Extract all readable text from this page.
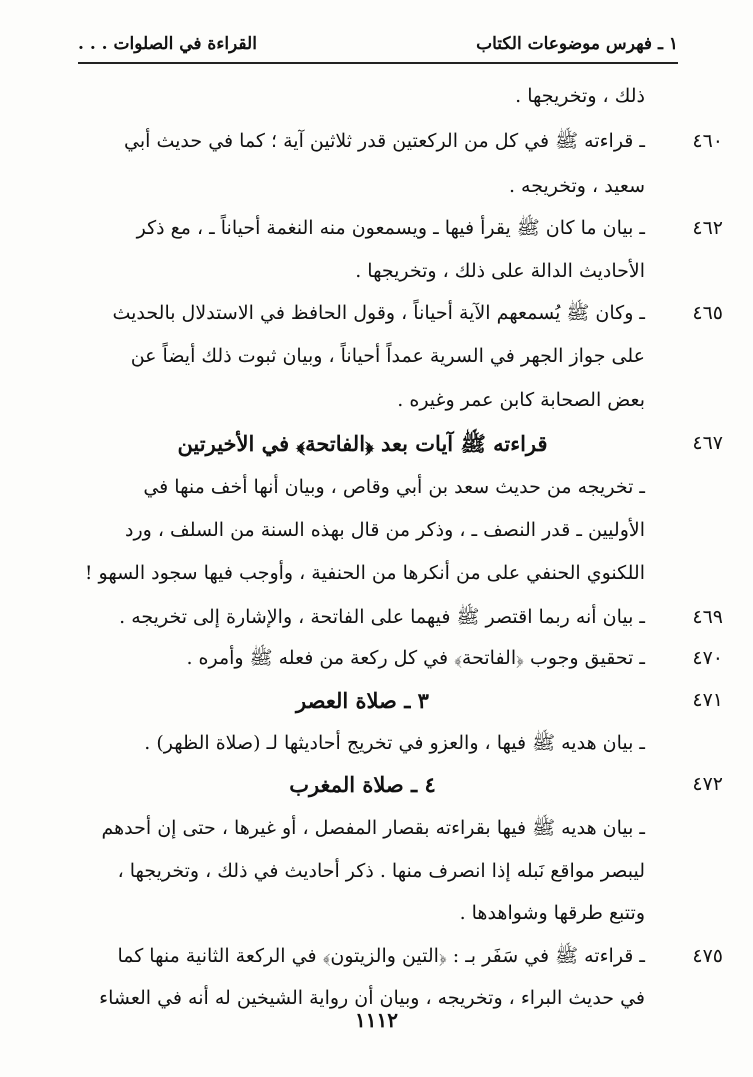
١ ـ فهرس موضوعات الكتاب
القراءة في الصلوات . . .
ذلك ، وتخريجها .
٤٦٠
ـ قراءته ﷺ في كل من الركعتين قدر ثلاثين آية ؛ كما في حديث أبي
سعيد ، وتخريجه .
٤٦٢
ـ بيان ما كان ﷺ يقرأ فيها ـ ويسمعون منه النغمة أحياناً ـ ، مع ذكر
الأحاديث الدالة على ذلك ، وتخريجها .
٤٦٥
ـ وكان ﷺ يُسمعهم الآية أحياناً ، وقول الحافظ في الاستدلال بالحديث
على جواز الجهر في السرية عمداً أحياناً ، وبيان ثبوت ذلك أيضاً عن
بعض الصحابة كابن عمر وغيره .
٤٦٧
قراءته ﷺ آيات بعد ﴿الفاتحة﴾ في الأخيرتين
ـ تخريجه من حديث سعد بن أبي وقاص ، وبيان أنها أخف منها في
الأوليين ـ قدر النصف ـ ، وذكر من قال بهذه السنة من السلف ، ورد
اللكنوي الحنفي على من أنكرها من الحنفية ، وأوجب فيها سجود السهو !
٤٦٩
ـ بيان أنه ربما اقتصر ﷺ فيهما على الفاتحة ، والإشارة إلى تخريجه .
٤٧٠
ـ تحقيق وجوب ﴿الفاتحة﴾ في كل ركعة من فعله ﷺ وأمره .
٤٧١
٣ ـ صلاة العصر
ـ بيان هديه ﷺ فيها ، والعزو في تخريج أحاديثها لـ (صلاة الظهر) .
٤٧٢
٤ ـ صلاة المغرب
ـ بيان هديه ﷺ فيها بقراءته بقصار المفصل ، أو غيرها ، حتى إن أحدهم
ليبصر مواقع نَبله إذا انصرف منها . ذكر أحاديث في ذلك ، وتخريجها ،
وتتبع طرقها وشواهدها .
٤٧٥
ـ قراءته ﷺ في سَفَر بـ : ﴿التين والزيتون﴾ في الركعة الثانية منها كما
في حديث البراء ، وتخريجه ، وبيان أن رواية الشيخين له أنه في العشاء
١١١٢
